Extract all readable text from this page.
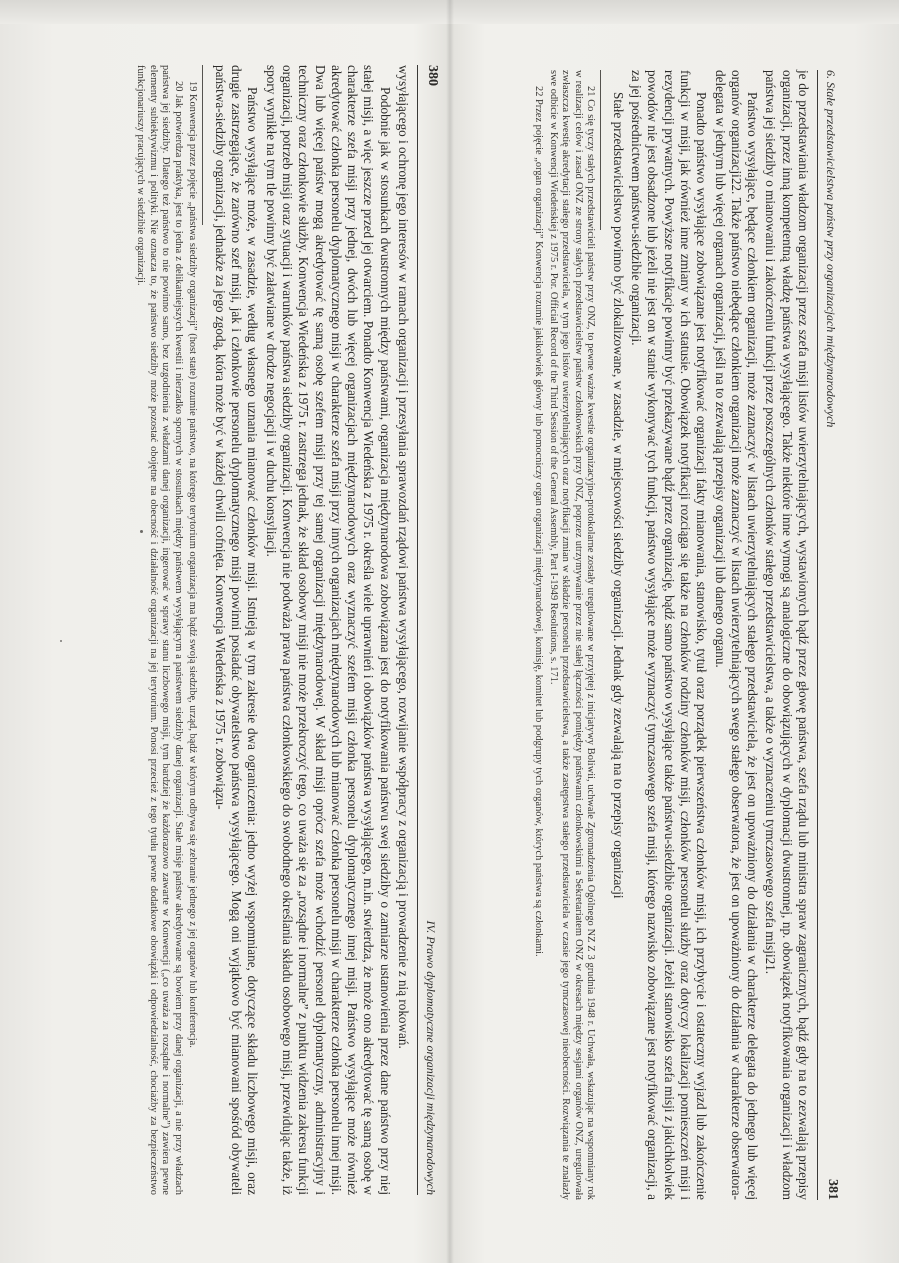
380
IV. Prawo dyplomatyczne organizacji międzynarodowych

wysyłającego i ochronę jego interesów w ramach organizacji i przesyłania sprawozdań rządowi państwa wysyłającego, rozwijanie współpracy z organizacją i prowadzenie z nią rokowań.

Podobnie jak w stosunkach dwustronnych między państwami, organizacja międzynarodowa zobowiązana jest do notyfikowania państwu swej siedziby o zamiarze ustanowienia przez dane państwo przy niej stałej misji, a więc jeszcze przed jej otwarciem. Ponadto Konwencja Wiedeńska z 1975 r. określa wiele uprawnień i obowiązków państwa wysyłającego, m.in. stwierdza, że może ono akredytować tę samą osobę w charakterze szefa misji przy jednej, dwóch lub więcej organizacjach międzynarodowych oraz wyznaczyć szefem misji członka personelu dyplomatycznego innej misji. Państwo wysyłające może również akredytować członka personelu dyplomatycznego misji w charakterze szefa misji przy innych organizacjach międzynarodowych lub mianować członka personelu misji w charakterze członka personelu innej misji. Dwa lub więcej państw mogą akredytować tę samą osobę szefem misji przy tej samej organizacji międzynarodowej. W skład misji oprócz szefa może wchodzić personel dyplomatyczny, administracyjny i techniczny oraz członkowie służby. Konwencja Wiedeńska z 1975 r. zastrzega jednak, że skład osobowy misji nie może przekroczyć tego, co uważa się za „rozsądne i normalne” z punktu widzenia zakresu funkcji organizacji, potrzeb misji oraz sytuacji i warunków państwa siedziby organizacji. Konwencja nie podważa prawa państwa członkowskiego do swobodnego określania składu osobowego misji, przewidując także, iż spory wynikłe na tym tle powinny być załatwiane w drodze negocjacji i w duchu konsyliacji.

Państwo wysyłające może, w zasadzie, według własnego uznania mianować członków misji. Istnieją w tym zakresie dwa ograniczenia: jedno wyżej wspomniane, dotyczące składu liczbowego misji, oraz drugie zastrzegające, że zarówno szef misji, jak i członkowie personelu dyplomatycznego misji powinni posiadać obywatelstwo państwa wysyłającego. Mogą oni wyjątkowo być mianowani spośród obywateli państwa-siedziby organizacji, jednakże za jego zgodą, która może być w każdej chwili cofnięta. Konwencja Wiedeńska z 1975 r. zobowiązu-

19 Konwencja przez pojęcie „państwa siedziby organizacji” (host state) rozumie państwo, na którego terytorium organizacja ma bądź swoją siedzibę, urząd, bądź w którym odbywa się zebranie jednego z jej organów lub konferencja.

20 Jak potwierdza praktyka, jest to jedna z delikatniejszych kwestii i nierzadko spornych w stosunkach między państwem wysyłającym a państwem siedziby danej organizacji. Stałe misje państw akredytowane są bowiem przy danej organizacji, a nie przy władzach państwa jej siedziby. Dlatego też państwo to nie powinno samo, bez uzgodnienia z władzami danej organizacji, ingerować w sprawy stanu liczbowego misji, tym bardziej że każdorazowo zawarte w Konwencji („co uważa za rozsądne i normalne”) zawiera pewne elementy subiektywizmu i polityki. Nie oznacza to, że państwo siedziby może pozostać obojętne na obecność i działalność organizacji na jej terytorium. Ponosi przecież z tego tytułu pewne dodatkowe obowiązki i odpowiedzialność, chociażby za bezpieczeństwo funkcjonariuszy pracujących w siedzibie organizacji.	6. Stałe przedstawicielstwa państw przy organizacjach międzynarodowych
381

je do przedstawiania władzom organizacji przez szefa misji listów uwierzytelniających, wystawionych bądź przez głowę państwa, szefa rządu lub ministra spraw zagranicznych, bądź gdy na to zezwalają przepisy organizacji, przez inną kompetentną władzę państwa wysyłającego. Także niektóre inne wymogi są analogiczne do obowiązujących w dyplomacji dwustronnej, np. obowiązek notyfikowania organizacji i władzom państwa jej siedziby o mianowaniu i zakończeniu funkcji przez poszczególnych członków stałego przedstawicielstwa, a także o wyznaczeniu tymczasowego szefa misji21.

Państwo wysyłające, będące członkiem organizacji, może zaznaczyć w listach uwierzytelniających stałego przedstawiciela, że jest on upoważniony do działania w charakterze delegata do jednego lub więcej organów organizacji22. Także państwo niebędące członkiem organizacji może zaznaczyć w listach uwierzytelniających swego stałego obserwatora, że jest on upoważniony do działania w charakterze obserwatora-delegata w jednym lub więcej organach organizacji, jeśli na to zezwalają przepisy organizacji lub danego organu.

Ponadto państwo wysyłające zobowiązane jest notyfikować organizacji fakty mianowania, stanowisko, tytuł oraz porządek pierwszeństwa członków misji, ich przybycie i ostateczny wyjazd lub zakończenie funkcji w misji, jak również inne zmiany w ich statusie. Obowiązek notyfikacji rozciąga się także na członków rodziny członków misji, członków personelu służby oraz dotyczy lokalizacji pomieszczeń misji i rezydencji prywatnych. Powyższe notyfikacje powinny być przekazywane bądź przez organizację, bądź samo państwo wysyłające także państwu-siedzibie organizacji. Jeżeli stanowisko szefa misji z jakichkolwiek powodów nie jest obsadzone lub jeżeli nie jest on w stanie wykonywać tych funkcji, państwo wysyłające może wyznaczyć tymczasowego szefa misji, którego nazwisko zobowiązane jest notyfikować organizacji, a za jej pośrednictwem państwu-siedzibie organizacji.

Stałe przedstawicielstwo powinno być zlokalizowane, w zasadzie, w miejscowości siedziby organizacji. Jednak gdy zezwalają na to przepisy organizacji

21 Co się tyczy stałych przedstawicieli państw przy ONZ, to pewne ważne kwestie organizacyjno-protokolarne zostały uregulowane w przyjętej z inicjatywy Boliwii, uchwale Zgromadzenia Ogólnego NZ Z 3 grudnia 1948 r. Uchwała, wskazując na wspomniany rok w realizacji celów i zasad ONZ ze strony stałych przedstawicielstw państw członkowskich przy ONZ, poprzez utrzymywanie przez nie stałej łączności pomiędzy państwami członkowskimi a Sekretariatem ONZ w okresach między sesjami organów ONZ, uregulowała zwłaszcza kwestię akredytacji stałego przedstawiciela, w tym jego listów uwierzytelniających oraz notyfikacji zmian w składzie personelu przedstawicielstwa, a także zastępstwa stałego przedstawiciela w czasie jego tymczasowej nieobecności. Rozwiązania te znalazły swe odbicie w Konwencji Wiedeńskiej z 1975 r. Por. Official Record of the Third Session of the General Assembly, Part I-1949 Resolutions, s. 171.

22 Przez pojęcie „organ organizacji” Konwencja rozumie jakikolwiek główny lub pomocniczy organ organizacji międzynarodowej, komisję, komitet lub podgrupy tych organów, których państwa są członkami.
